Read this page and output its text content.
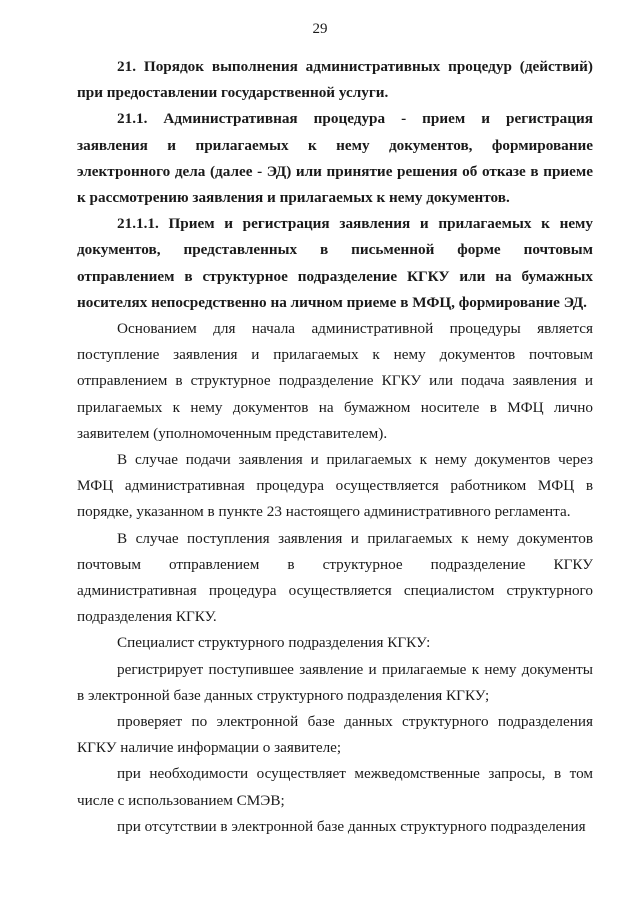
29

21. Порядок выполнения административных процедур (действий) при предоставлении государственной услуги.

21.1. Административная процедура - прием и регистрация заявления и прилагаемых к нему документов, формирование электронного дела (далее - ЭД) или принятие решения об отказе в приеме к рассмотрению заявления и прилагаемых к нему документов.

21.1.1. Прием и регистрация заявления и прилагаемых к нему документов, представленных в письменной форме почтовым отправлением в структурное подразделение КГКУ или на бумажных носителях непосредственно на личном приеме в МФЦ, формирование ЭД.

Основанием для начала административной процедуры является поступление заявления и прилагаемых к нему документов почтовым отправлением в структурное подразделение КГКУ или подача заявления и прилагаемых к нему документов на бумажном носителе в МФЦ лично заявителем (уполномоченным представителем).

В случае подачи заявления и прилагаемых к нему документов через МФЦ административная процедура осуществляется работником МФЦ в порядке, указанном в пункте 23 настоящего административного регламента.

В случае поступления заявления и прилагаемых к нему документов почтовым отправлением в структурное подразделение КГКУ административная процедура осуществляется специалистом структурного подразделения КГКУ.

Специалист структурного подразделения КГКУ:

регистрирует поступившее заявление и прилагаемые к нему документы в электронной базе данных структурного подразделения КГКУ;

проверяет по электронной базе данных структурного подразделения КГКУ наличие информации о заявителе;

при необходимости осуществляет межведомственные запросы, в том числе с использованием СМЭВ;

при отсутствии в электронной базе данных структурного подразделения
